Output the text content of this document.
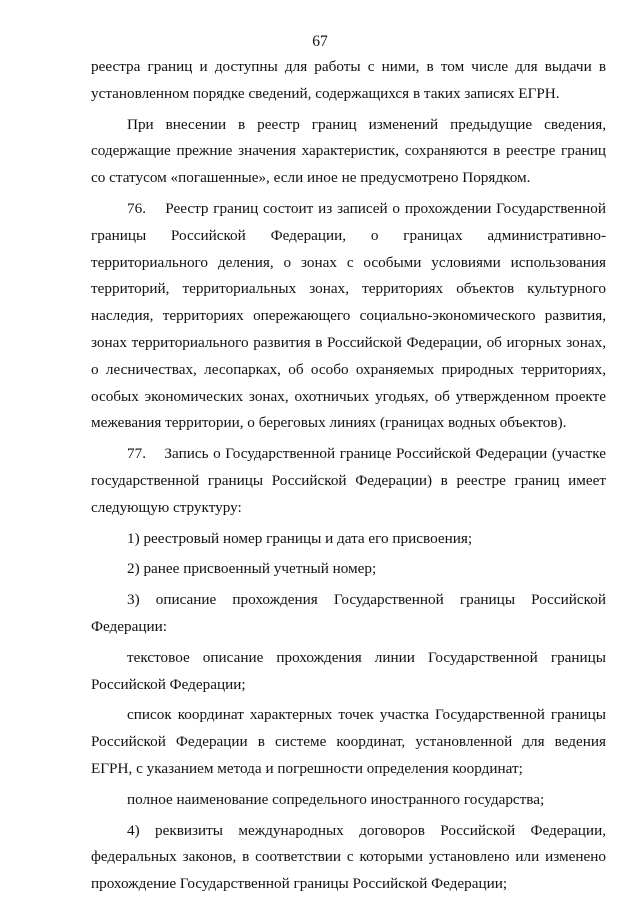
67

реестра границ и доступны для работы с ними, в том числе для выдачи в установленном порядке сведений, содержащихся в таких записях ЕГРН.

При внесении в реестр границ изменений предыдущие сведения, содержащие прежние значения характеристик, сохраняются в реестре границ со статусом «погашенные», если иное не предусмотрено Порядком.

76.    Реестр границ состоит из записей о прохождении Государственной границы Российской Федерации, о границах административно-территориального деления, о зонах с особыми условиями использования территорий, территориальных зонах, территориях объектов культурного наследия, территориях опережающего социально-экономического развития, зонах территориального развития в Российской Федерации, об игорных зонах, о лесничествах, лесопарках, об особо охраняемых природных территориях, особых экономических зонах, охотничьих угодьях, об утвержденном проекте межевания территории, о береговых линиях (границах водных объектов).

77.    Запись о Государственной границе Российской Федерации (участке государственной границы Российской Федерации) в реестре границ имеет следующую структуру:

1) реестровый номер границы и дата его присвоения;

2) ранее присвоенный учетный номер;

3) описание прохождения Государственной границы Российской Федерации:

текстовое описание прохождения линии Государственной границы Российской Федерации;

список координат характерных точек участка Государственной границы Российской Федерации в системе координат, установленной для ведения ЕГРН, с указанием метода и погрешности определения координат;

полное наименование сопредельного иностранного государства;

4) реквизиты международных договоров Российской Федерации, федеральных законов, в соответствии с которыми установлено или изменено прохождение Государственной границы Российской Федерации;
